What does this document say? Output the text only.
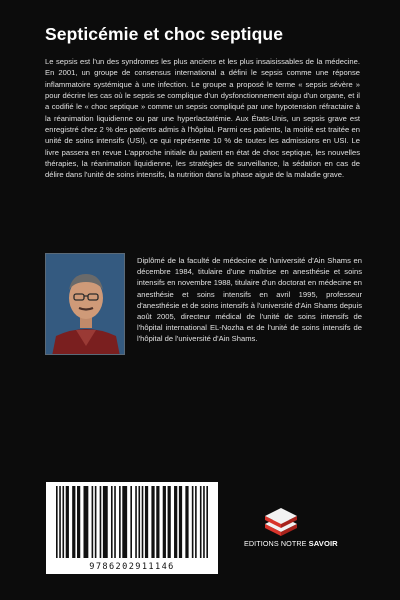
Septicémie et choc septique

Le sepsis est l'un des syndromes les plus anciens et les plus insaisissables de la médecine. En 2001, un groupe de consensus international a défini le sepsis comme une réponse inflammatoire systémique à une infection. Le groupe a proposé le terme « sepsis sévère » pour décrire les cas où le sepsis se complique d'un dysfonctionnement aigu d'un organe, et il a codifié le « choc septique » comme un sepsis compliqué par une hypotension réfractaire à la réanimation liquidienne ou par une hyperlactatémie. Aux États-Unis, un sepsis grave est enregistré chez 2 % des patients admis à l'hôpital. Parmi ces patients, la moitié est traitée en unité de soins intensifs (USI), ce qui représente 10 % de toutes les admissions en USI. Le livre passera en revue L'approche initiale du patient en état de choc septique, les nouvelles thérapies, la réanimation liquidienne, les stratégies de surveillance, la sédation en cas de délire dans l'unité de soins intensifs, la nutrition dans la phase aiguë de la maladie grave.

Diplômé de la faculté de médecine de l'université d'Ain Shams en décembre 1984, titulaire d'une maîtrise en anesthésie et soins intensifs en novembre 1988, titulaire d'un doctorat en médecine en anesthésie et soins intensifs en avril 1995, professeur d'anesthésie et de soins intensifs à l'université d'Ain Shams depuis août 2005, directeur médical de l'unité de soins intensifs de l'hôpital international EL-Nozha et de l'unité de soins intensifs de l'hôpital de l'université d'Ain Shams.

9786202911146
EDITIONS NOTRE SAVOIR
